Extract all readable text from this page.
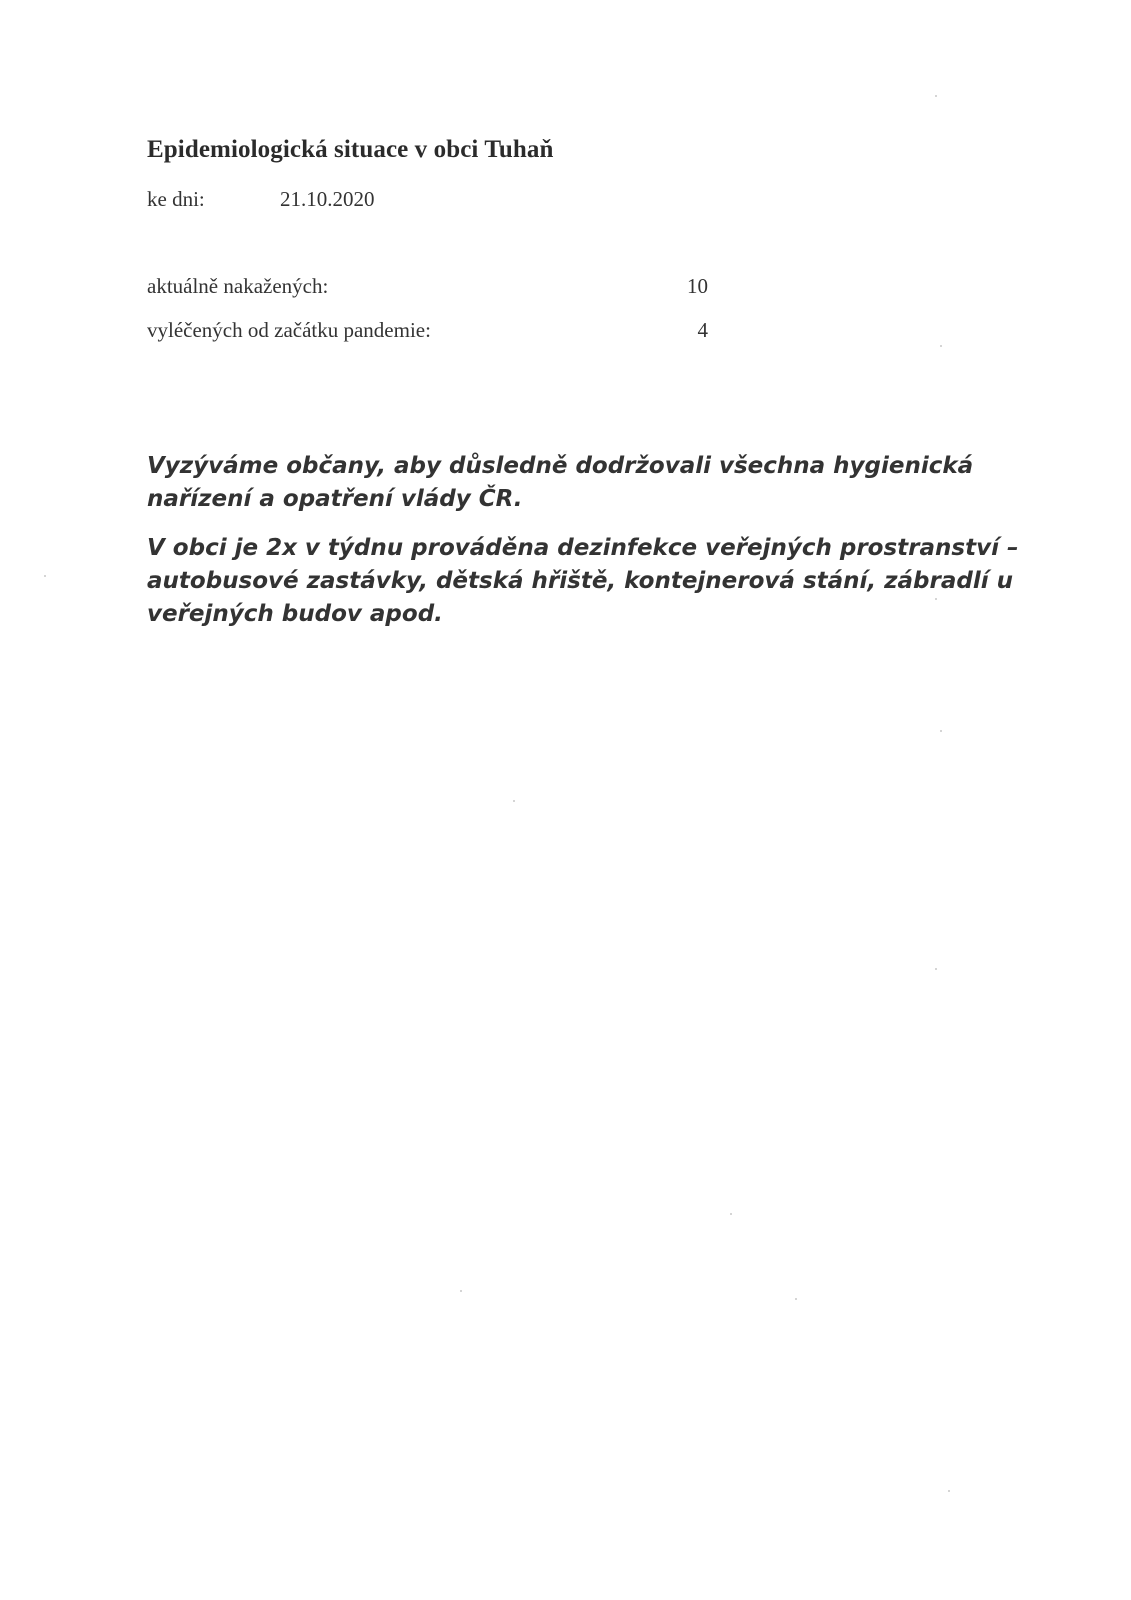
Epidemiologická situace v obci Tuhaň
ke dni:	21.10.2020
aktuálně nakažených:	10
vyléčených od začátku pandemie:	4
Vyzýváme občany, aby důsledně dodržovali všechna hygienická nařízení a opatření vlády ČR.
V obci je 2x v týdnu prováděna dezinfekce veřejných prostranství – autobusové zastávky, dětská hřiště, kontejnerová stání, zábradlí u veřejných budov apod.
